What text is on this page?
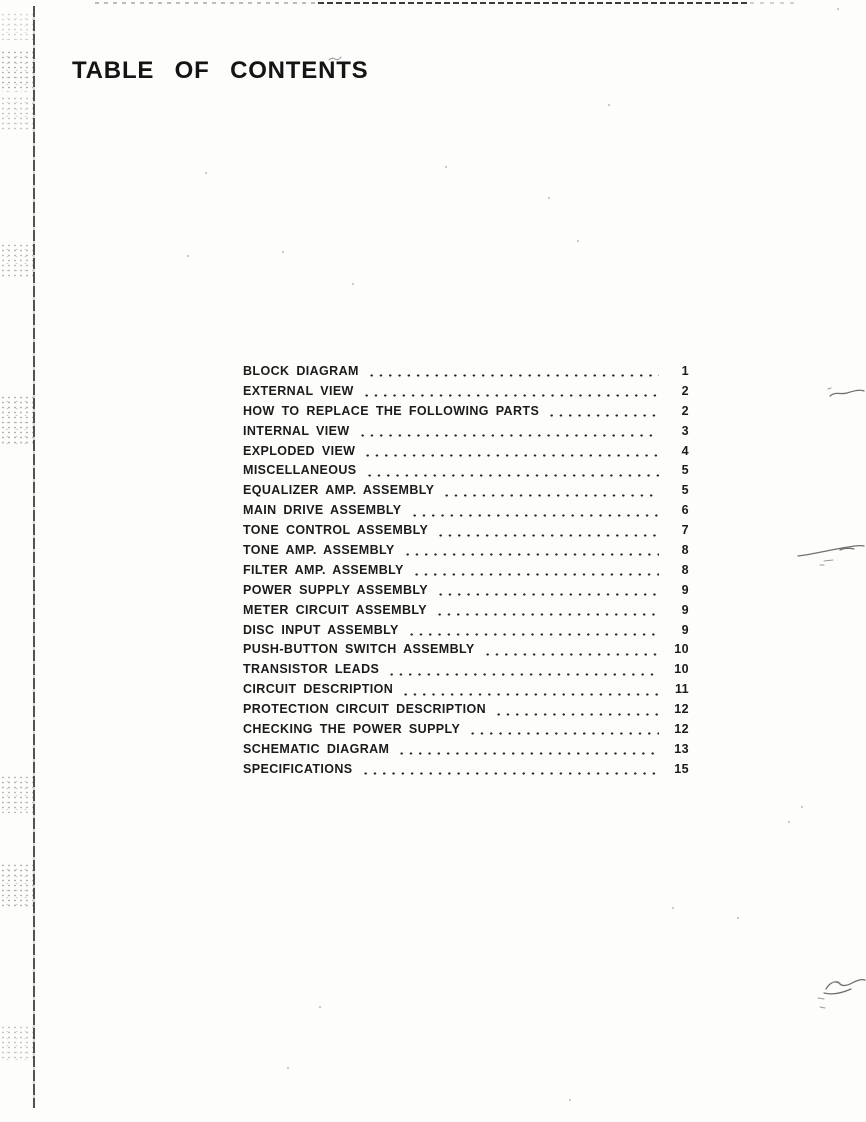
TABLE OF CONTENTS
BLOCK DIAGRAM	1
EXTERNAL VIEW	2
HOW TO REPLACE THE FOLLOWING PARTS	2
INTERNAL VIEW	3
EXPLODED VIEW	4
MISCELLANEOUS	5
EQUALIZER AMP. ASSEMBLY	5
MAIN DRIVE ASSEMBLY	6
TONE CONTROL ASSEMBLY	7
TONE AMP. ASSEMBLY	8
FILTER AMP. ASSEMBLY	8
POWER SUPPLY ASSEMBLY	9
METER CIRCUIT ASSEMBLY	9
DISC INPUT ASSEMBLY	9
PUSH-BUTTON SWITCH ASSEMBLY	10
TRANSISTOR LEADS	10
CIRCUIT DESCRIPTION	11
PROTECTION CIRCUIT DESCRIPTION	12
CHECKING THE POWER SUPPLY	12
SCHEMATIC DIAGRAM	13
SPECIFICATIONS	15
